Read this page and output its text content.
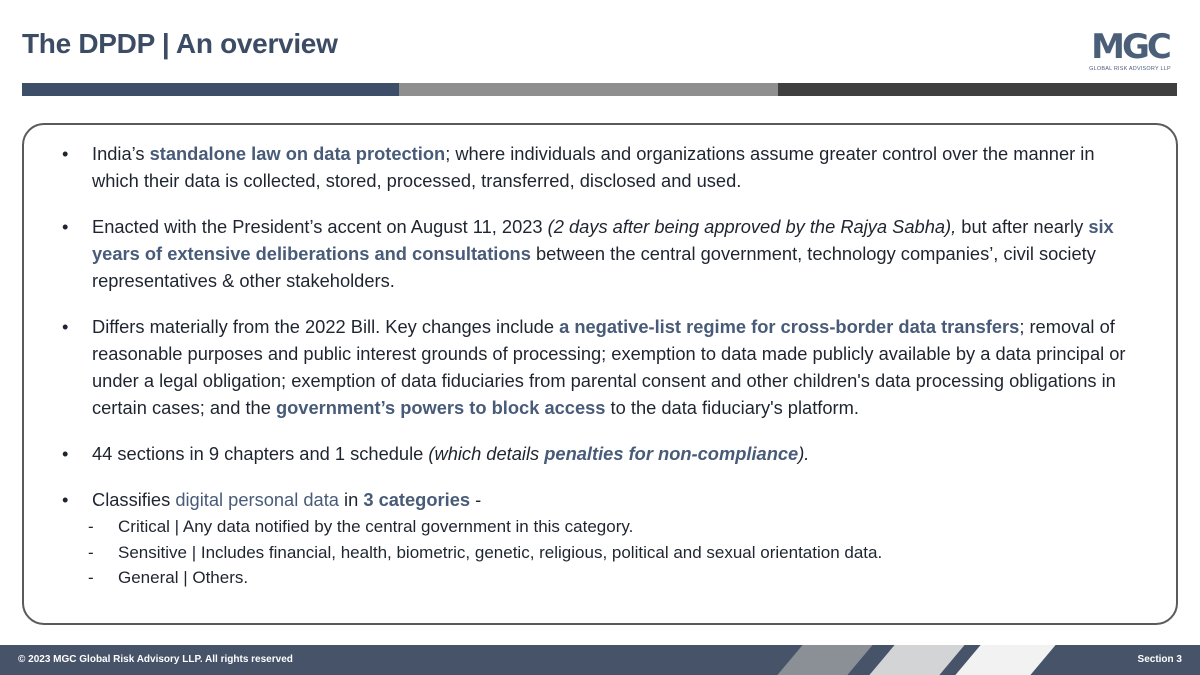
The DPDP | An overview	MGC
GLOBAL RISK ADVISORY LLP
• India’s standalone law on data protection; where individuals and organizations assume greater control over the manner in which their data is collected, stored, processed, transferred, disclosed and used.
• Enacted with the President’s accent on August 11, 2023 (2 days after being approved by the Rajya Sabha), but after nearly six years of extensive deliberations and consultations between the central government, technology companies’, civil society representatives & other stakeholders.
• Differs materially from the 2022 Bill. Key changes include a negative-list regime for cross-border data transfers; removal of reasonable purposes and public interest grounds of processing; exemption to data made publicly available by a data principal or under a legal obligation; exemption of data fiduciaries from parental consent and other children's data processing obligations in certain cases; and the government’s powers to block access to the data fiduciary's platform.
• 44 sections in 9 chapters and 1 schedule (which details penalties for non-compliance).
• Classifies digital personal data in 3 categories -
- Critical | Any data notified by the central government in this category.
- Sensitive | Includes financial, health, biometric, genetic, religious, political and sexual orientation data.
- General | Others.
© 2023 MGC Global Risk Advisory LLP. All rights reserved	Section 3
